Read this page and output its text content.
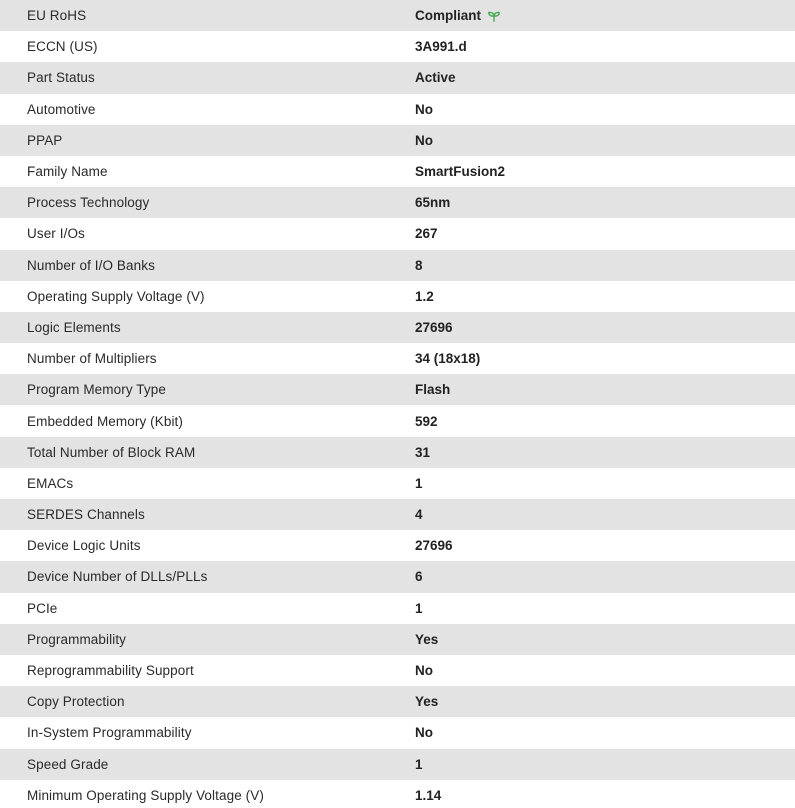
EU RoHS	Compliant
ECCN (US)	3A991.d
Part Status	Active
Automotive	No
PPAP	No
Family Name	SmartFusion2
Process Technology	65nm
User I/Os	267
Number of I/O Banks	8
Operating Supply Voltage (V)	1.2
Logic Elements	27696
Number of Multipliers	34 (18x18)
Program Memory Type	Flash
Embedded Memory (Kbit)	592
Total Number of Block RAM	31
EMACs	1
SERDES Channels	4
Device Logic Units	27696
Device Number of DLLs/PLLs	6
PCIe	1
Programmability	Yes
Reprogrammability Support	No
Copy Protection	Yes
In-System Programmability	No
Speed Grade	1
Minimum Operating Supply Voltage (V)	1.14
